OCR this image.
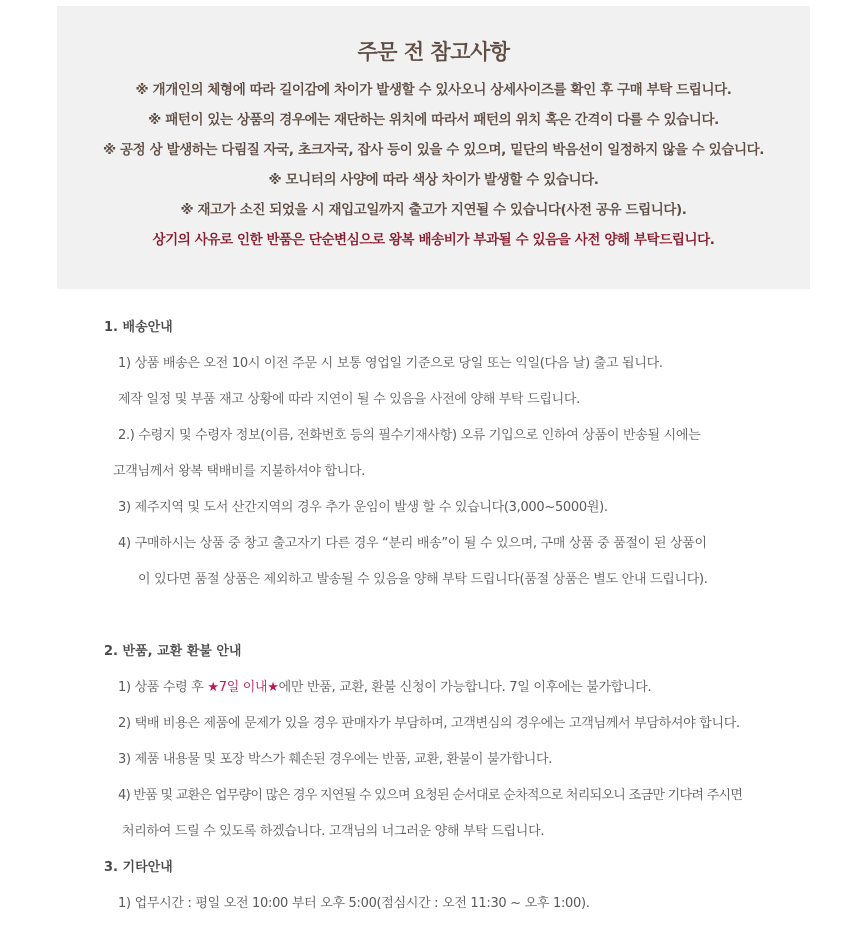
주문 전 참고사항
※ 개개인의 체형에 따라 길이감에 차이가 발생할 수 있사오니 상세사이즈를 확인 후 구매 부탁 드립니다.
※ 패턴이 있는 상품의 경우에는 재단하는 위치에 따라서 패턴의 위치 혹은 간격이 다를 수 있습니다.
※ 공정 상 발생하는 다림질 자국, 초크자국, 잡사 등이 있을 수 있으며, 밑단의 박음선이 일정하지 않을 수 있습니다.
※ 모니터의 사양에 따라 색상 차이가 발생할 수 있습니다.
※ 재고가 소진 되었을 시 재입고일까지 출고가 지연될 수 있습니다(사전 공유 드립니다).
상기의 사유로 인한 반품은 단순변심으로 왕복 배송비가 부과될 수 있음을 사전 양해 부탁드립니다.
1. 배송안내
1) 상품 배송은 오전 10시 이전 주문 시 보통 영업일 기준으로 당일 또는 익일(다음 날) 출고 됩니다.
제작 일정 및 부품 재고 상황에 따라 지연이 될 수 있음을 사전에 양해 부탁 드립니다.
2.) 수령지 및 수령자 정보(이름, 전화번호 등의 필수기재사항) 오류 기입으로 인하여 상품이 반송될 시에는
고객님께서 왕복 택배비를 지불하셔야 합니다.
3) 제주지역 및 도서 산간지역의 경우 추가 운임이 발생 할 수 있습니다(3,000~5000원).
4) 구매하시는 상품 중 창고 출고자기 다른 경우 “분리 배송”이 될 수 있으며, 구매 상품 중 품절이 된 상품이
이 있다면 품절 상품은 제외하고 발송될 수 있음을 양해 부탁 드립니다(품절 상품은 별도 안내 드립니다).
2. 반품, 교환 환불 안내
1) 상품 수령 후 ★7일 이내★에만 반품, 교환, 환불 신청이 가능합니다. 7일 이후에는 불가합니다.
2) 택배 비용은 제품에 문제가 있을 경우 판매자가 부담하며, 고객변심의 경우에는 고객님께서 부담하셔야 합니다.
3) 제품 내용물 및 포장 박스가 훼손된 경우에는 반품, 교환, 환불이 불가합니다.
4) 반품 및 교환은 업무량이 많은 경우 지연될 수 있으며 요청된 순서대로 순차적으로 처리되오니 조금만 기다려 주시면
처리하여 드릴 수 있도록 하겠습니다. 고객님의 너그러운 양해 부탁 드립니다.
3. 기타안내
1) 업무시간 : 평일 오전 10:00 부터 오후 5:00(점심시간 : 오전 11:30 ~ 오후 1:00).
